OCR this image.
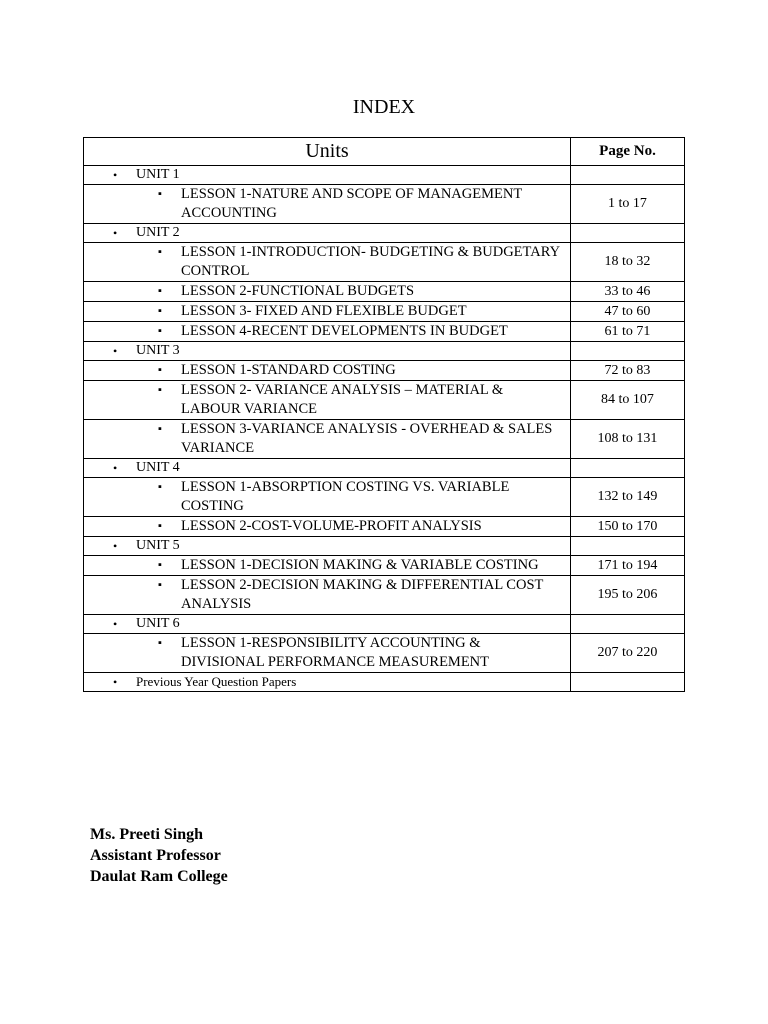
INDEX
Units	Page No.

• UNIT 1	

▪ LESSON 1-NATURE AND SCOPE OF MANAGEMENT ACCOUNTING	1 to 17

• UNIT 2	

▪ LESSON 1-INTRODUCTION- BUDGETING & BUDGETARY CONTROL	18 to 32

▪ LESSON 2-FUNCTIONAL BUDGETS	33 to 46

▪ LESSON 3- FIXED AND FLEXIBLE BUDGET	47 to 60

▪ LESSON 4-RECENT DEVELOPMENTS IN BUDGET	61 to 71

• UNIT 3	

▪ LESSON 1-STANDARD COSTING	72 to 83

▪ LESSON 2- VARIANCE ANALYSIS – MATERIAL & LABOUR VARIANCE	84 to 107

▪ LESSON 3-VARIANCE ANALYSIS - OVERHEAD & SALES VARIANCE	108 to 131

• UNIT 4	

▪ LESSON 1-ABSORPTION COSTING VS. VARIABLE COSTING	132 to 149

▪ LESSON 2-COST-VOLUME-PROFIT ANALYSIS	150 to 170

• UNIT 5	

▪ LESSON 1-DECISION MAKING & VARIABLE COSTING	171 to 194

▪ LESSON 2-DECISION MAKING & DIFFERENTIAL COST ANALYSIS	195 to 206

• UNIT 6	

▪ LESSON 1-RESPONSIBILITY ACCOUNTING & DIVISIONAL PERFORMANCE MEASUREMENT	207 to 220

• Previous Year Question Papers	

Ms. Preeti Singh
Assistant Professor
Daulat Ram College
